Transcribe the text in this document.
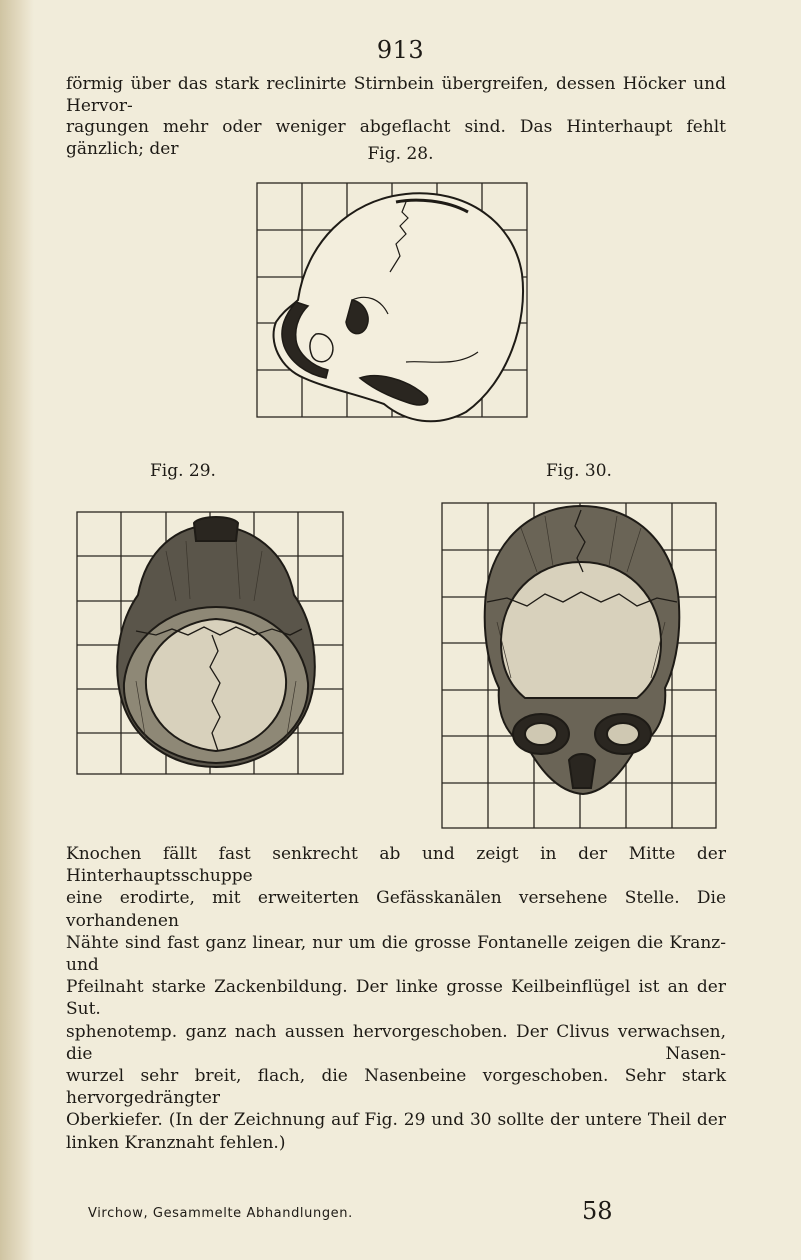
913

förmig über das stark reclinirte Stirnbein übergreifen, dessen Höcker und Hervor-

ragungen mehr oder weniger abgeflacht sind. Das Hinterhaupt fehlt gänzlich; der	Fig. 28.
Fig. 29.	Fig. 30.

Knochen fällt fast senkrecht ab und zeigt in der Mitte der Hinterhauptsschuppe

eine erodirte, mit erweiterten Gefässkanälen versehene Stelle. Die vorhandenen

Nähte sind fast ganz linear, nur um die grosse Fontanelle zeigen die Kranz- und

Pfeilnaht starke Zackenbildung. Der linke grosse Keilbeinflügel ist an der Sut.

sphenotemp. ganz nach aussen hervorgeschoben. Der Clivus verwachsen, die Nasen-

wurzel sehr breit, flach, die Nasenbeine vorgeschoben. Sehr stark hervorgedrängter

Oberkiefer. (In der Zeichnung auf Fig. 29 und 30 sollte der untere Theil der

linken Kranznaht fehlen.)

Virchow, Gesammelte Abhandlungen.	58
